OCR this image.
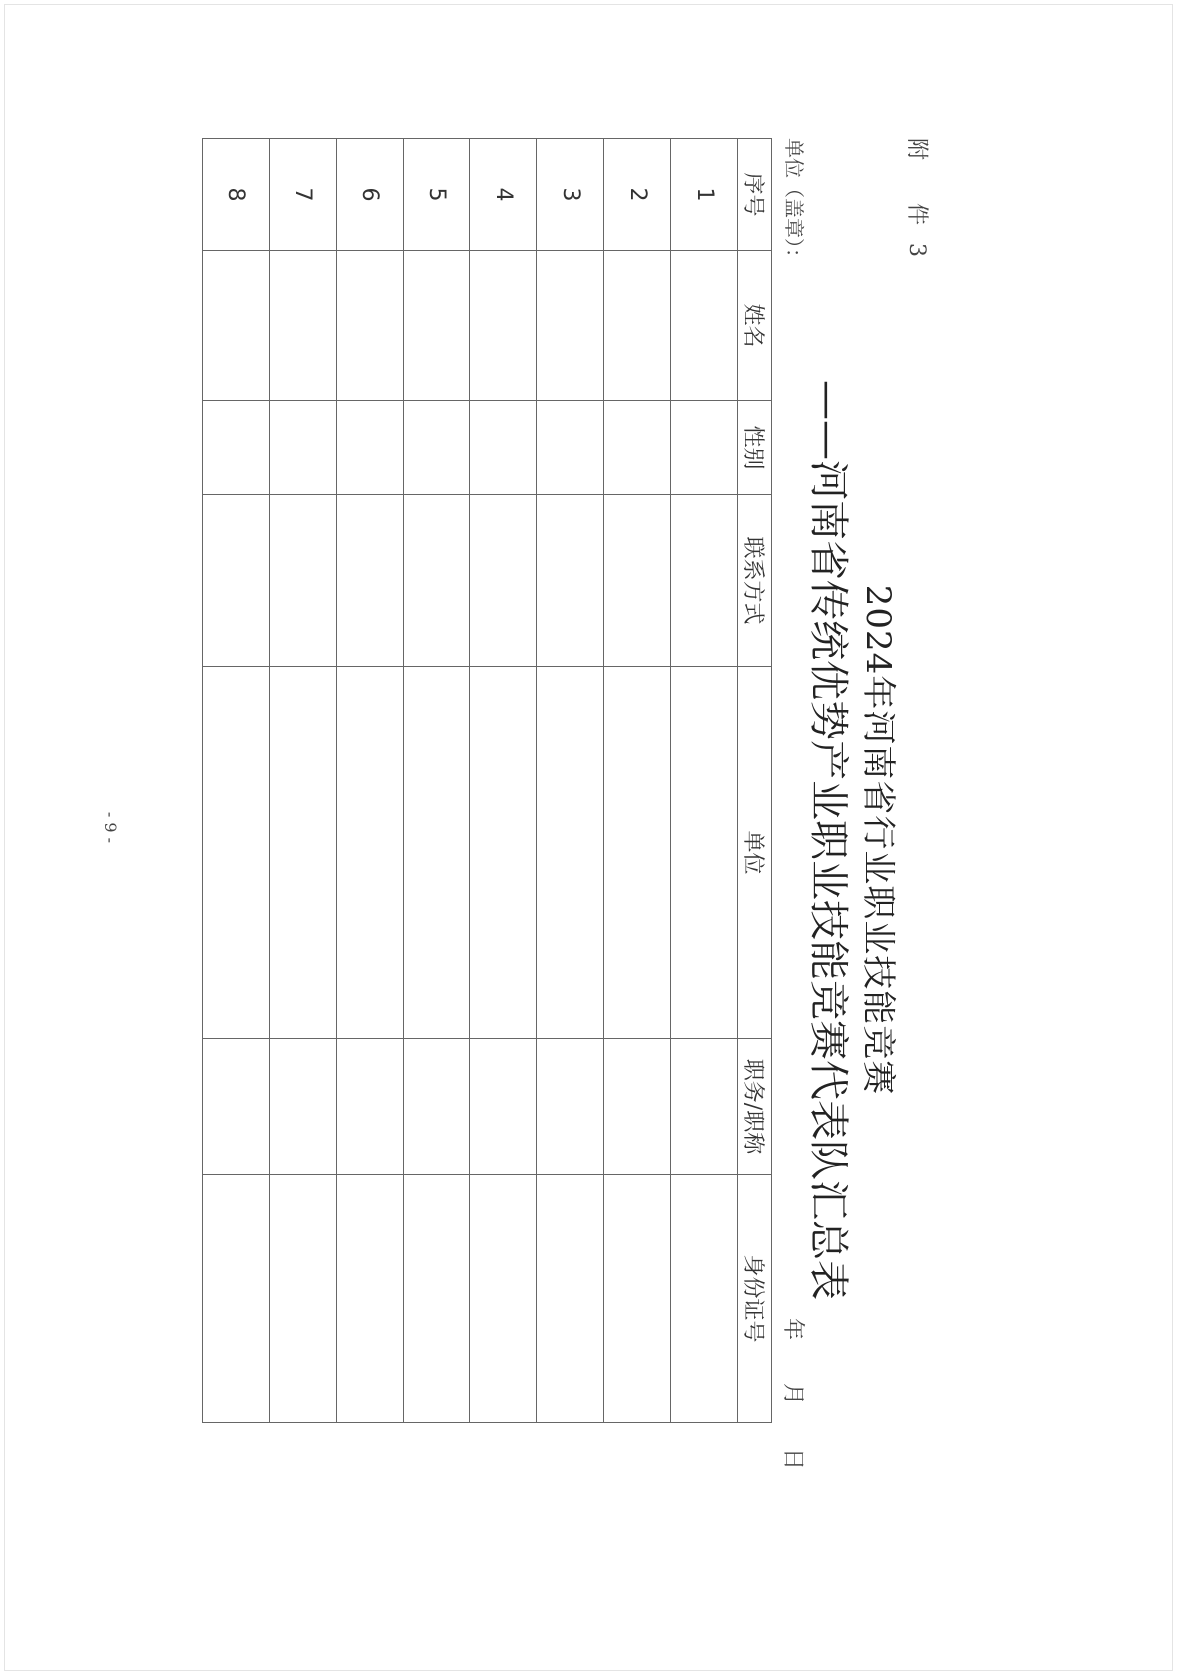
附 件3
2024年河南省行业职业技能竞赛
——河南省传统优势产业职业技能竞赛代表队汇总表
单位（盖章）：
年 月 日
序号	姓名	性别	联系方式	单位	职务/职称	身份证号
1						
2						
3						
4						
5						
6						
7						
8						
- 9 -
